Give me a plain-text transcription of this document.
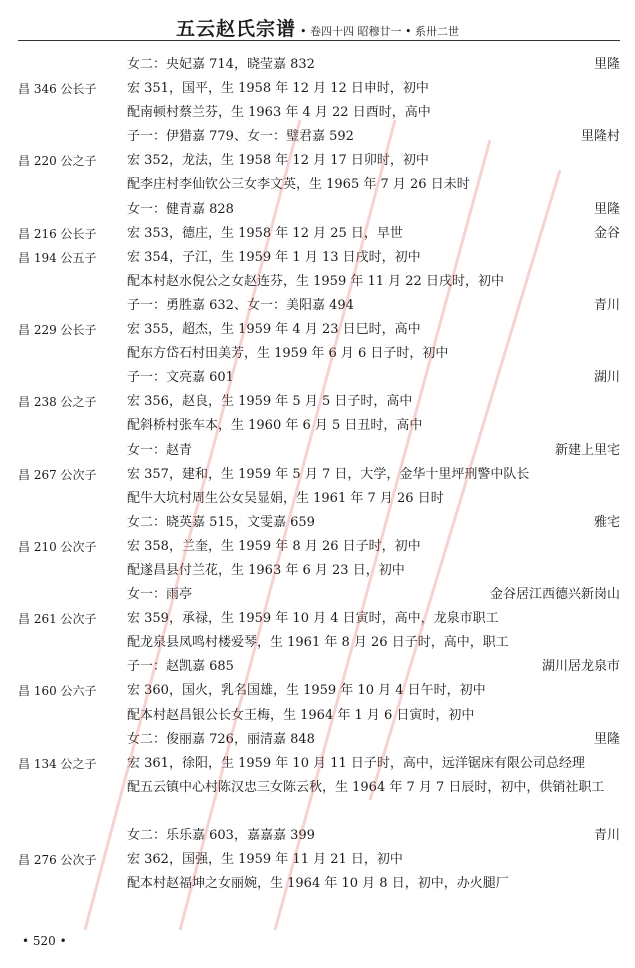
五云赵氏宗谱 • 卷四十四 昭穆廿一 • 系卅二世
女二：央妃嘉 714，晓莹嘉 832	里隆
昌 346 公长子	宏 351，国平，生 1958 年 12 月 12 日申时，初中
配南顿村蔡兰芬，生 1963 年 4 月 22 日酉时，高中
子一：伊猎嘉 779、女一：璧君嘉 592	里隆村
昌 220 公之子	宏 352，龙法，生 1958 年 12 月 17 日卯时，初中
配李庄村李仙钦公三女李文英，生 1965 年 7 月 26 日未时
女一：健青嘉 828	里隆
昌 216 公长子	宏 353，德庄，生 1958 年 12 月 25 日，早世	金谷
昌 194 公五子	宏 354，子江，生 1959 年 1 月 13 日戌时，初中
配本村赵水倪公之女赵连芬，生 1959 年 11 月 22 日戌时，初中
子一：勇胜嘉 632、女一：美阳嘉 494	青川
昌 229 公长子	宏 355，超杰，生 1959 年 4 月 23 日巳时，高中
配东方岱石村田美芳，生 1959 年 6 月 6 日子时，初中
子一：文亮嘉 601	湖川
昌 238 公之子	宏 356，赵良，生 1959 年 5 月 5 日子时，高中
配斜桥村张车本，生 1960 年 6 月 5 日丑时，高中
女一：赵青	新建上里宅
昌 267 公次子	宏 357，建和，生 1959 年 5 月 7 日，大学，金华十里坪刑警中队长
配牛大坑村周生公女吴显娟，生 1961 年 7 月 26 日时
女二：晓英嘉 515，文雯嘉 659	雅宅
昌 210 公次子	宏 358，兰奎，生 1959 年 8 月 26 日子时，初中
配遂昌县付兰花，生 1963 年 6 月 23 日，初中
女一：雨亭	金谷居江西德兴新岗山
昌 261 公次子	宏 359，承禄，生 1959 年 10 月 4 日寅时，高中，龙泉市职工
配龙泉县凤鸣村楼爱琴，生 1961 年 8 月 26 日子时，高中，职工
子一：赵凯嘉 685	湖川居龙泉市
昌 160 公六子	宏 360，国火，乳名国雄，生 1959 年 10 月 4 日午时，初中
配本村赵昌银公长女王梅，生 1964 年 1 月 6 日寅时，初中
女二：俊丽嘉 726，丽清嘉 848	里隆
昌 134 公之子	宏 361，徐阳，生 1959 年 10 月 11 日子时，高中，远洋锯床有限公司总经理
配五云镇中心村陈汉忠三女陈云秋，生 1964 年 7 月 7 日辰时，初中，供销社职工
女二：乐乐嘉 603，嘉嘉嘉 399	青川
昌 276 公次子	宏 362，国强，生 1959 年 11 月 21 日，初中
配本村赵福坤之女丽婉，生 1964 年 10 月 8 日，初中，办火腿厂
• 520 •
